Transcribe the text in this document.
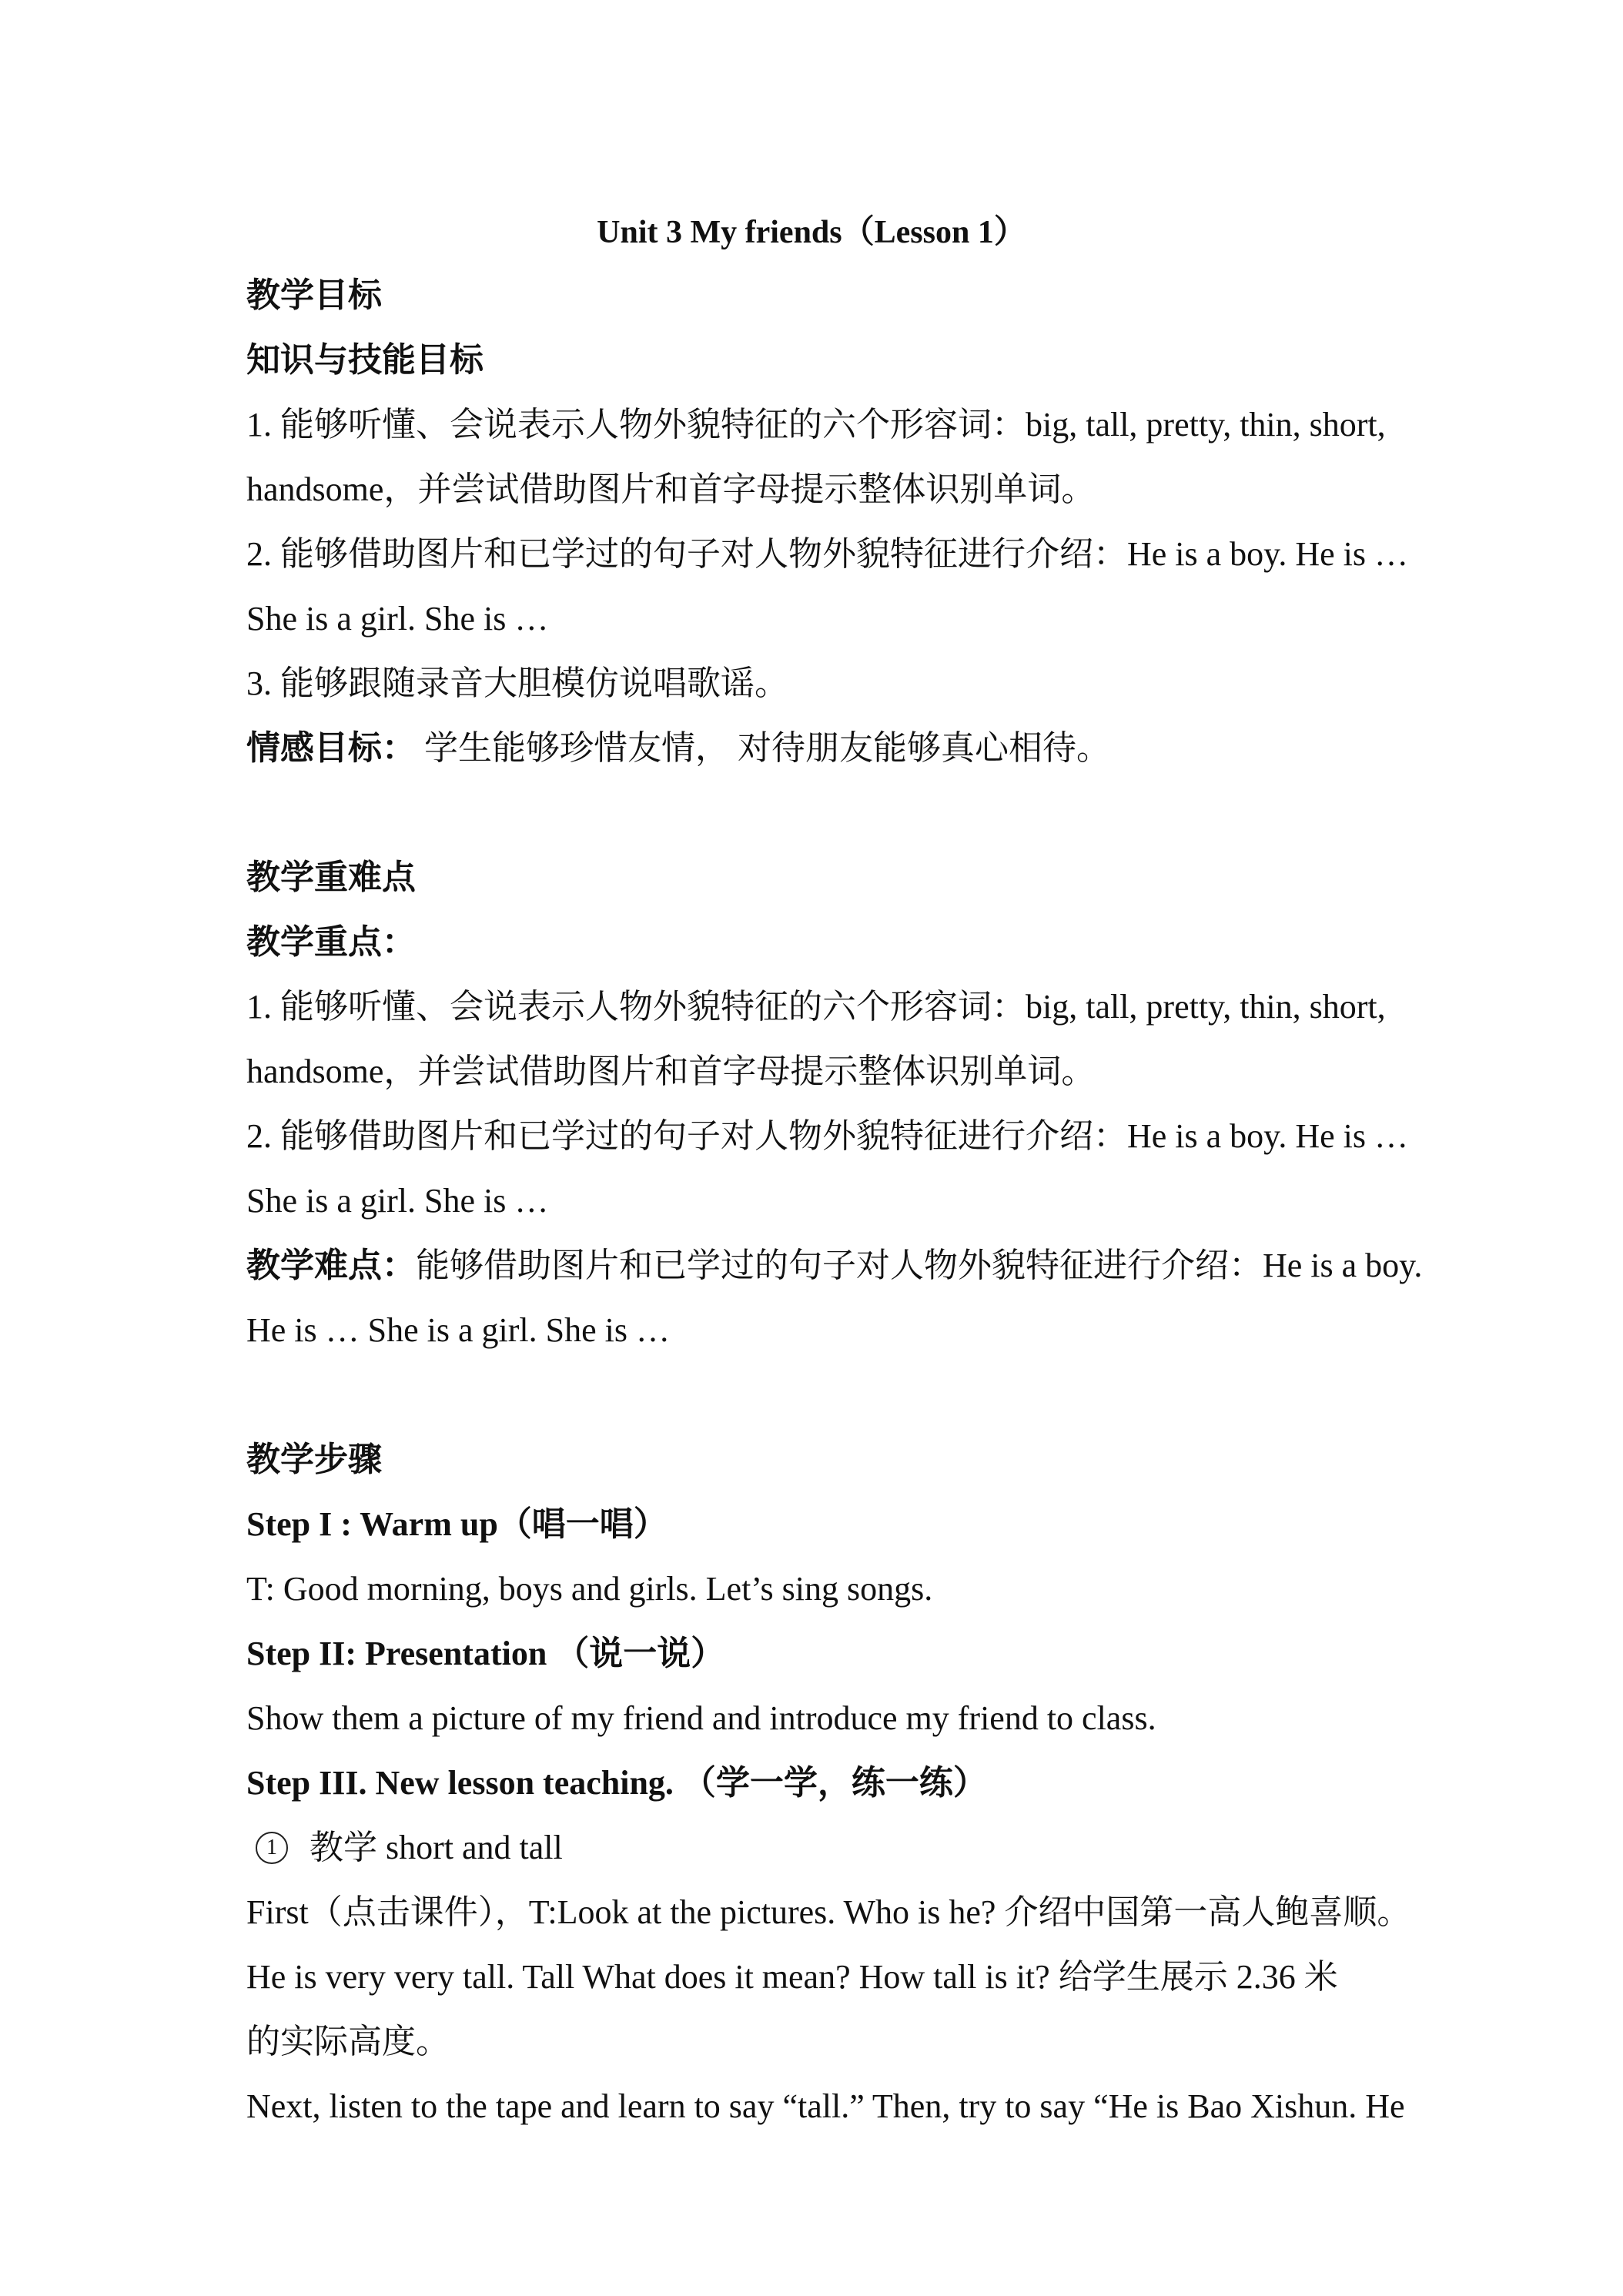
Unit 3 My friends（Lesson 1）
教学目标
知识与技能目标
1. 能够听懂、会说表示人物外貌特征的六个形容词：big, tall, pretty, thin, short,
handsome，并尝试借助图片和首字母提示整体识别单词。
2. 能够借助图片和已学过的句子对人物外貌特征进行介绍：He is a boy. He is …
She is a girl. She is …
3. 能够跟随录音大胆模仿说唱歌谣。
情感目标： 学生能够珍惜友情， 对待朋友能够真心相待。
教学重难点
教学重点：
1. 能够听懂、会说表示人物外貌特征的六个形容词：big, tall, pretty, thin, short,
handsome，并尝试借助图片和首字母提示整体识别单词。
2. 能够借助图片和已学过的句子对人物外貌特征进行介绍：He is a boy. He is …
She is a girl. She is …
教学难点：能够借助图片和已学过的句子对人物外貌特征进行介绍：He is a boy.
He is … She is a girl. She is …
教学步骤
Step I : Warm up（唱一唱）
T: Good morning, boys and girls. Let’s sing songs.
Step II: Presentation （说一说）
Show them a picture of my friend and introduce my friend to class.
Step III. New lesson teaching. （学一学，练一练）
1 教学 short and tall
First（点击课件），T:Look at the pictures. Who is he? 介绍中国第一高人鲍喜顺。
He is very very tall. Tall What does it mean? How tall is it? 给学生展示 2.36 米
的实际高度。
Next, listen to the tape and learn to say “tall.” Then, try to say “He is Bao Xishun. He
